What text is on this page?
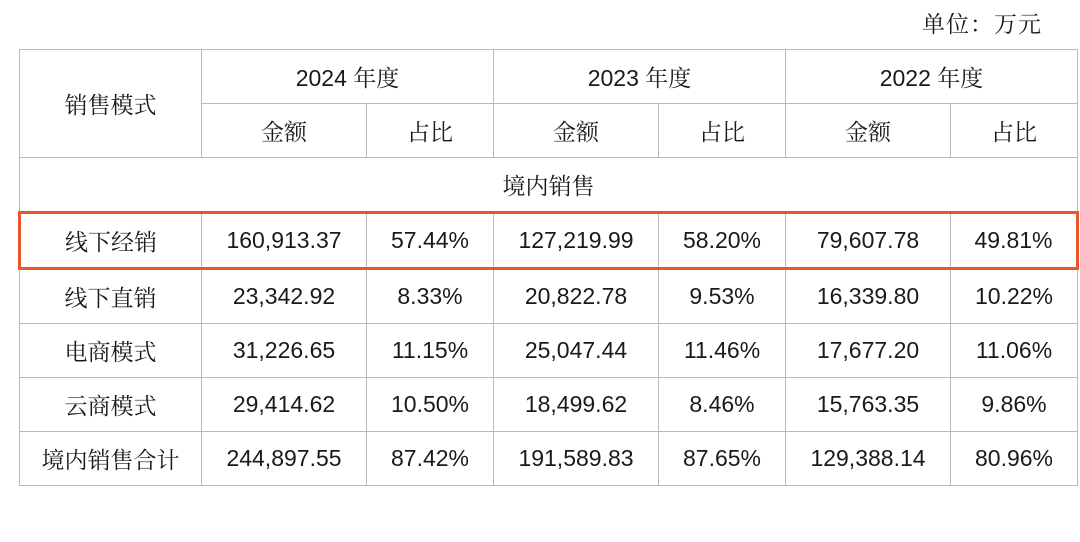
单位：万元
销售模式	2024 年度		2023 年度		2022 年度	
	金额	占比	金额	占比	金额	占比
境内销售						
线下经销	160,913.37	57.44%	127,219.99	58.20%	79,607.78	49.81%
线下直销	23,342.92	8.33%	20,822.78	9.53%	16,339.80	10.22%
电商模式	31,226.65	11.15%	25,047.44	11.46%	17,677.20	11.06%
云商模式	29,414.62	10.50%	18,499.62	8.46%	15,763.35	9.86%
境内销售合计	244,897.55	87.42%	191,589.83	87.65%	129,388.14	80.96%
